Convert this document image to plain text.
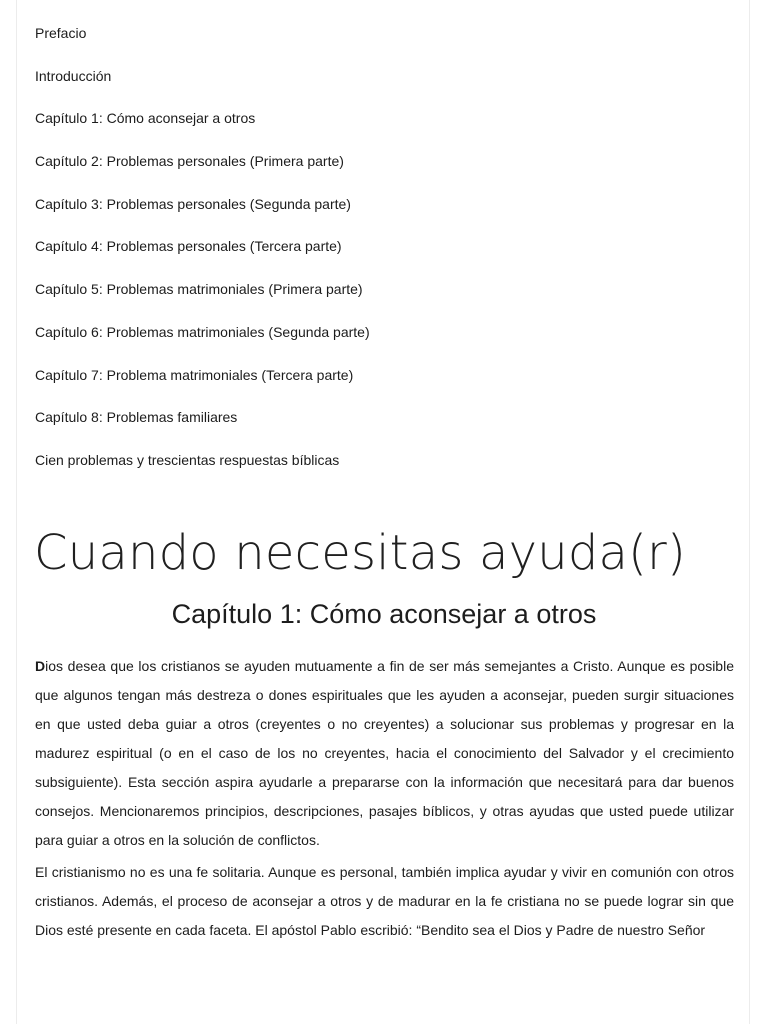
Prefacio
Introducción
Capítulo 1: Cómo aconsejar a otros
Capítulo 2: Problemas personales (Primera parte)
Capítulo 3: Problemas personales (Segunda parte)
Capítulo 4: Problemas personales (Tercera parte)
Capítulo 5: Problemas matrimoniales (Primera parte)
Capítulo 6: Problemas matrimoniales (Segunda parte)
Capítulo 7: Problema matrimoniales (Tercera parte)
Capítulo 8: Problemas familiares
Cien problemas y trescientas respuestas bíblicas
Cuando necesitas ayuda(r)
Capítulo 1: Cómo aconsejar a otros

Dios desea que los cristianos se ayuden mutuamente a fin de ser más semejantes a Cristo. Aunque es posible que algunos tengan más destreza o dones espirituales que les ayuden a aconsejar, pueden surgir situaciones en que usted deba guiar a otros (creyentes o no creyentes) a solucionar sus problemas y progresar en la madurez espiritual (o en el caso de los no creyentes, hacia el conocimiento del Salvador y el crecimiento subsiguiente). Esta sección aspira ayudarle a prepararse con la información que necesitará para dar buenos consejos. Mencionaremos principios, descripciones, pasajes bíblicos, y otras ayudas que usted puede utilizar para guiar a otros en la solución de conflictos.

El cristianismo no es una fe solitaria. Aunque es personal, también implica ayudar y vivir en comunión con otros cristianos. Además, el proceso de aconsejar a otros y de madurar en la fe cristiana no se puede lograr sin que Dios esté presente en cada faceta. El apóstol Pablo escribió: “Bendito sea el Dios y Padre de nuestro Señor
